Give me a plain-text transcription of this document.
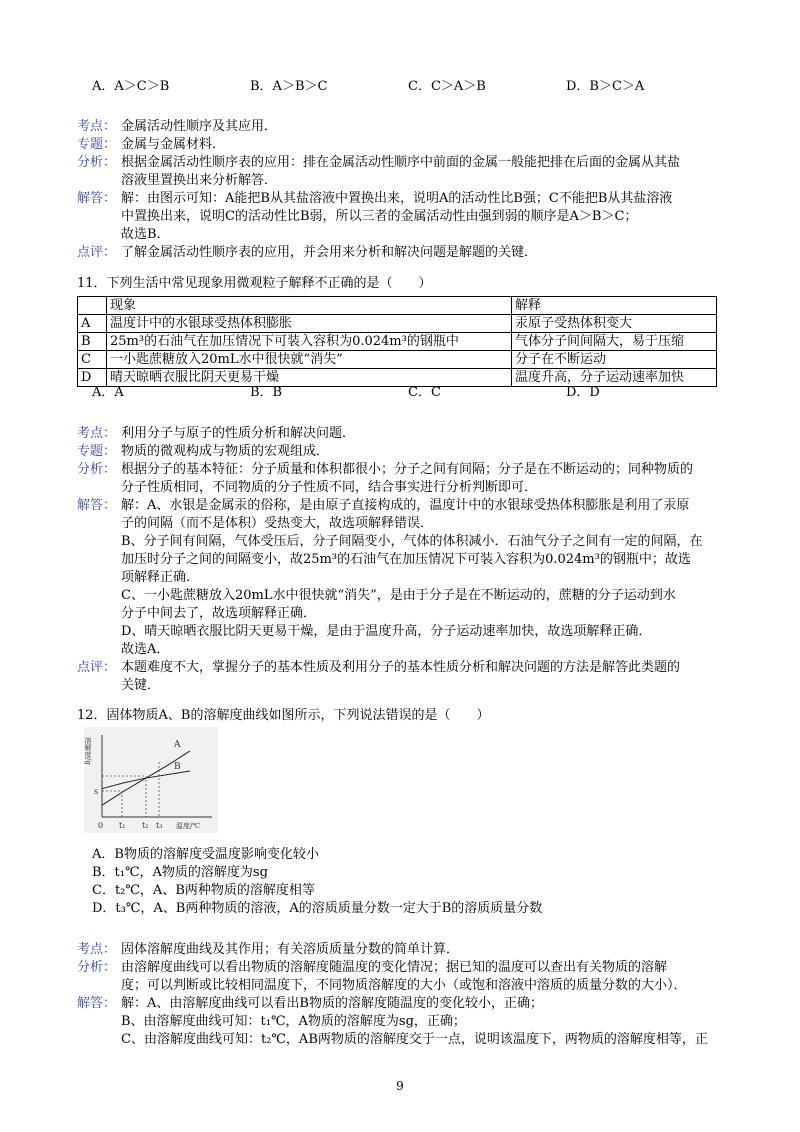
A．A＞C＞B	B．A＞B＞C	C．C＞A＞B	D．B＞C＞A
考点： 金属活动性顺序及其应用．
专题： 金属与金属材料．
分析： 根据金属活动性顺序表的应用：排在金属活动性顺序中前面的金属一般能把排在后面的金属从其盐
溶液里置换出来分析解答．
解答： 解：由图示可知：A能把B从其盐溶液中置换出来，说明A的活动性比B强；C不能把B从其盐溶液
中置换出来，说明C的活动性比B弱，所以三者的金属活动性由强到弱的顺序是A＞B＞C；
故选B．
点评： 了解金属活动性顺序表的应用，并会用来分析和解决问题是解题的关键．
11．下列生活中常见现象用微观粒子解释不正确的是（　　）
	现象	解释
A	温度计中的水银球受热体积膨胀	汞原子受热体积变大
B	25m³的石油气在加压情况下可装入容积为0.024m³的钢瓶中	气体分子间间隔大，易于压缩
C	一小匙蔗糖放入20mL水中很快就“消失”	分子在不断运动
D	晴天晾晒衣服比阴天更易干燥	温度升高，分子运动速率加快
A．A	B．B	C．C	D．D
考点： 利用分子与原子的性质分析和解决问题．
专题： 物质的微观构成与物质的宏观组成．
分析： 根据分子的基本特征：分子质量和体积都很小；分子之间有间隔；分子是在不断运动的；同种物质的
分子性质相同，不同物质的分子性质不同，结合事实进行分析判断即可．
解答： 解：A、水银是金属汞的俗称，是由原子直接构成的，温度计中的水银球受热体积膨胀是利用了汞原
子的间隔（而不是体积）受热变大，故选项解释错误．
B、分子间有间隔，气体受压后，分子间隔变小，气体的体积减小．石油气分子之间有一定的间隔，在
加压时分子之间的间隔变小，故25m³的石油气在加压情况下可装入容积为0.024m³的钢瓶中；故选
项解释正确．
C、一小匙蔗糖放入20mL水中很快就“消失”，是由于分子是在不断运动的，蔗糖的分子运动到水
分子中间去了，故选项解释正确．
D、晴天晾晒衣服比阴天更易干燥，是由于温度升高，分子运动速率加快，故选项解释正确．
故选A．
点评： 本题难度不大，掌握分子的基本性质及利用分子的基本性质分析和解决问题的方法是解答此类题的
关键．
12．固体物质A、B的溶解度曲线如图所示，下列说法错误的是（　　）
溶解度/g
s
0 t₁ t₂ t₃ 温度/℃
A
B
A．B物质的溶解度受温度影响变化较小
B．t₁℃，A物质的溶解度为sg
C．t₂℃，A、B两种物质的溶解度相等
D．t₃℃，A、B两种物质的溶液，A的溶质质量分数一定大于B的溶质质量分数
考点： 固体溶解度曲线及其作用；有关溶质质量分数的简单计算．
分析： 由溶解度曲线可以看出物质的溶解度随温度的变化情况；据已知的温度可以查出有关物质的溶解
度；可以判断或比较相同温度下，不同物质溶解度的大小（或饱和溶液中溶质的质量分数的大小）．
解答： 解：A、由溶解度曲线可以看出B物质的溶解度随温度的变化较小，正确；
B、由溶解度曲线可知：t₁℃，A物质的溶解度为sg，正确；
C、由溶解度曲线可知：t₂℃，AB两物质的溶解度交于一点，说明该温度下，两物质的溶解度相等，正
9
